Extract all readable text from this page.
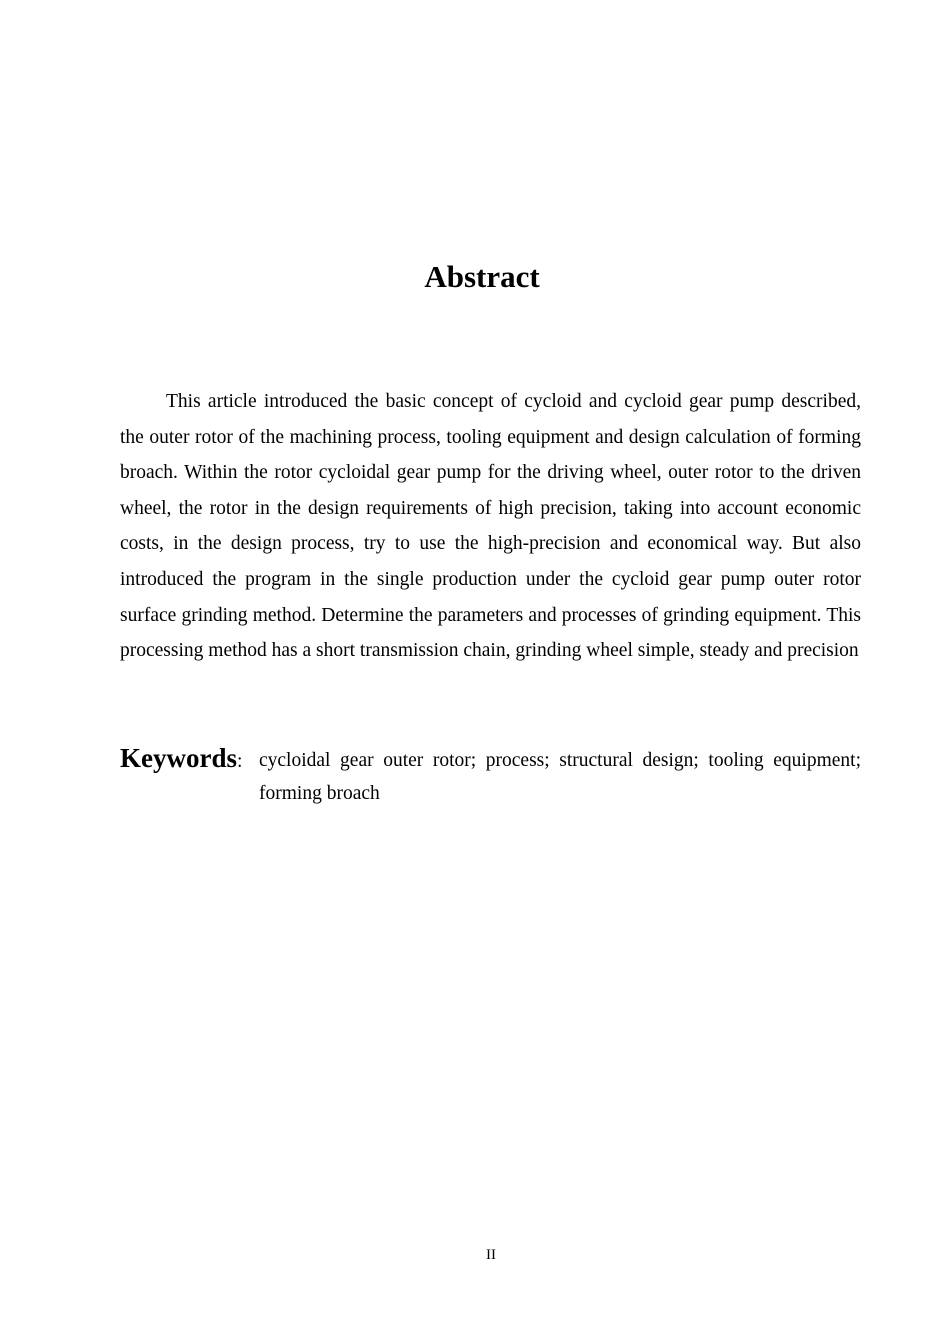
Abstract

This article introduced the basic concept of cycloid and cycloid gear pump described, the outer rotor of the machining process, tooling equipment and design calculation of forming broach. Within the rotor cycloidal gear pump for the driving wheel, outer rotor to the driven wheel, the rotor in the design requirements of high precision, taking into account economic costs, in the design process, try to use the high-precision and economical way. But also introduced the program in the single production under the cycloid gear pump outer rotor surface grinding method. Determine the parameters and processes of grinding equipment. This processing method has a short transmission chain, grinding wheel simple, steady and precision

Keywords: cycloidal gear outer rotor; process; structural design; tooling equipment; forming broach

II
